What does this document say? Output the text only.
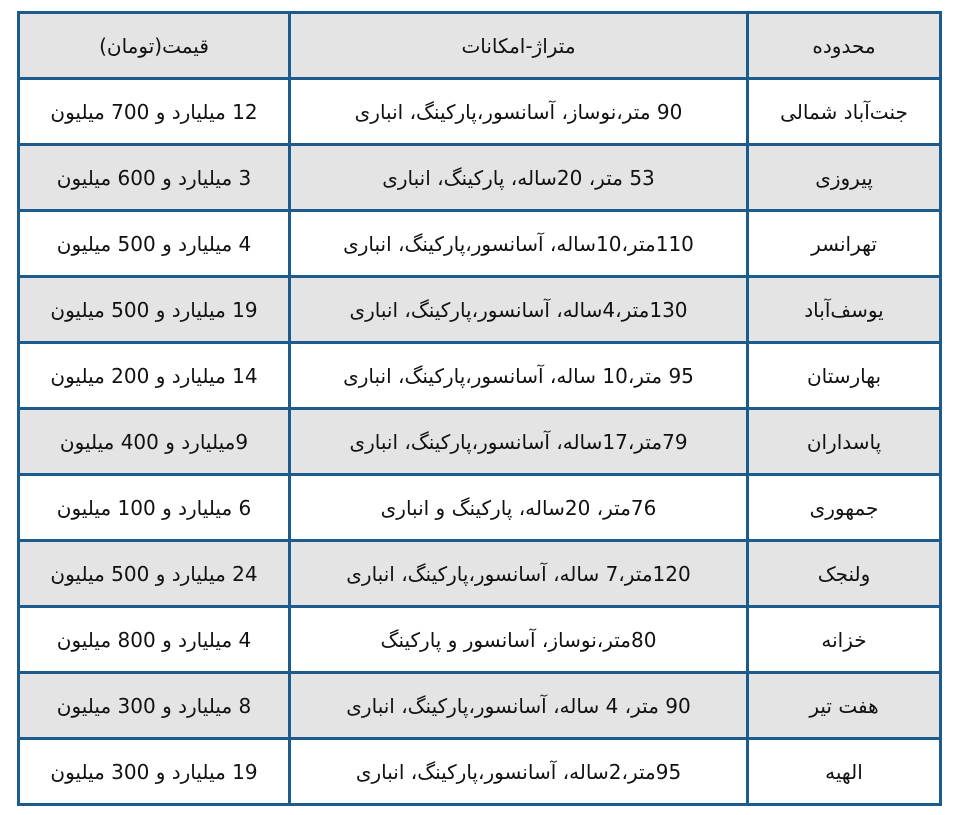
محدوده	متراژ-امکانات	قیمت(تومان)
جنت‌آباد شمالی	90 متر،نوساز، آسانسور،پارکینگ، انباری	12 میلیارد و 700 میلیون
پیروزی	53 متر، 20ساله، پارکینگ، انباری	3 میلیارد و 600 میلیون
تهرانسر	110متر،10ساله، آسانسور،پارکینگ، انباری	4 میلیارد و 500 میلیون
یوسف‌آباد	130متر،4ساله، آسانسور،پارکینگ، انباری	19 میلیارد و 500 میلیون
بهارستان	95 متر،10 ساله، آسانسور،پارکینگ، انباری	14 میلیارد و 200 میلیون
پاسداران	79متر،17ساله، آسانسور،پارکینگ، انباری	9میلیارد و 400 میلیون
جمهوری	76متر، 20ساله، پارکینگ و انباری	6 میلیارد و 100 میلیون
ولنجک	120متر،7 ساله، آسانسور،پارکینگ، انباری	24 میلیارد و 500 میلیون
خزانه	80متر،نوساز، آسانسور و پارکینگ	4 میلیارد و 800 میلیون
هفت تیر	90 متر، 4 ساله، آسانسور،پارکینگ، انباری	8 میلیارد و 300 میلیون
الهیه	95متر،2ساله، آسانسور،پارکینگ، انباری	19 میلیارد و 300 میلیون
